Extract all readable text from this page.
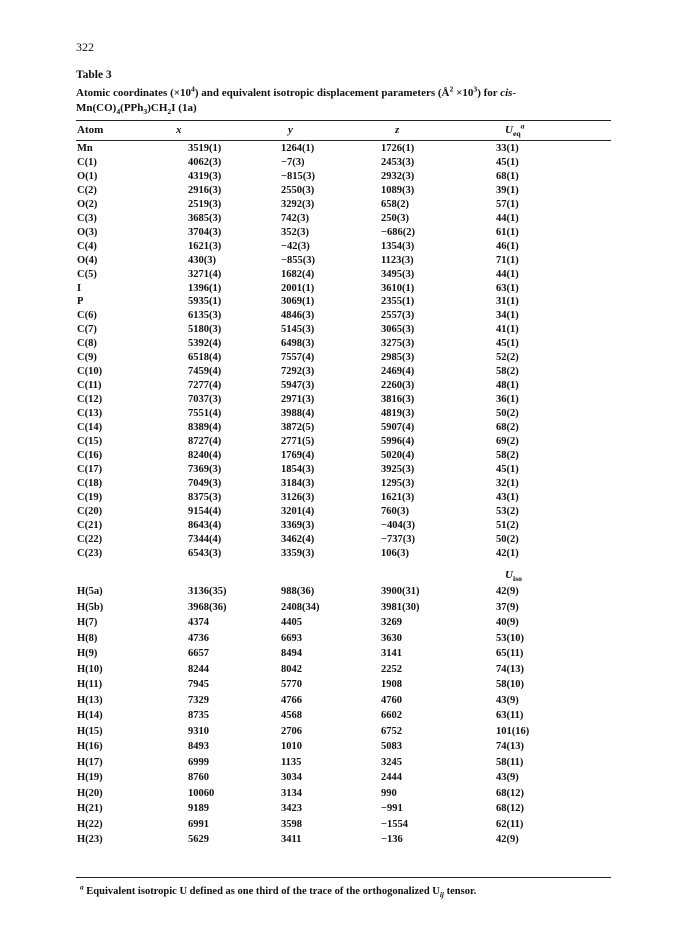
322
Table 3
Atomic coordinates $(\times 10^4)$ and equivalent isotropic displacement parameters $(Å^2 \times 10^3)$ for cis-
$Mn(CO)_4(PPh_3)CH_2I$ (1a)
Atom	x	y	z	$U_{eq}^a$
Mn	3519(1)	1264(1)	1726(1)	33(1)
C(1)	4062(3)	−7(3)	2453(3)	45(1)
O(1)	4319(3)	−815(3)	2932(3)	68(1)
C(2)	2916(3)	2550(3)	1089(3)	39(1)
O(2)	2519(3)	3292(3)	658(2)	57(1)
C(3)	3685(3)	742(3)	250(3)	44(1)
O(3)	3704(3)	352(3)	−686(2)	61(1)
C(4)	1621(3)	−42(3)	1354(3)	46(1)
O(4)	430(3)	−855(3)	1123(3)	71(1)
C(5)	3271(4)	1682(4)	3495(3)	44(1)
I	1396(1)	2001(1)	3610(1)	63(1)
P	5935(1)	3069(1)	2355(1)	31(1)
C(6)	6135(3)	4846(3)	2557(3)	34(1)
C(7)	5180(3)	5145(3)	3065(3)	41(1)
C(8)	5392(4)	6498(3)	3275(3)	45(1)
C(9)	6518(4)	7557(4)	2985(3)	52(2)
C(10)	7459(4)	7292(3)	2469(4)	58(2)
C(11)	7277(4)	5947(3)	2260(3)	48(1)
C(12)	7037(3)	2971(3)	3816(3)	36(1)
C(13)	7551(4)	3988(4)	4819(3)	50(2)
C(14)	8389(4)	3872(5)	5907(4)	68(2)
C(15)	8727(4)	2771(5)	5996(4)	69(2)
C(16)	8240(4)	1769(4)	5020(4)	58(2)
C(17)	7369(3)	1854(3)	3925(3)	45(1)
C(18)	7049(3)	3184(3)	1295(3)	32(1)
C(19)	8375(3)	3126(3)	1621(3)	43(1)
C(20)	9154(4)	3201(4)	760(3)	53(2)
C(21)	8643(4)	3369(3)	−404(3)	51(2)
C(22)	7344(4)	3462(4)	−737(3)	50(2)
C(23)	6543(3)	3359(3)	106(3)	42(1)
$U_{iso}$
H(5a)	3136(35)	988(36)	3900(31)	42(9)
H(5b)	3968(36)	2408(34)	3981(30)	37(9)
H(7)	4374	4405	3269	40(9)
H(8)	4736	6693	3630	53(10)
H(9)	6657	8494	3141	65(11)
H(10)	8244	8042	2252	74(13)
H(11)	7945	5770	1908	58(10)
H(13)	7329	4766	4760	43(9)
H(14)	8735	4568	6602	63(11)
H(15)	9310	2706	6752	101(16)
H(16)	8493	1010	5083	74(13)
H(17)	6999	1135	3245	58(11)
H(19)	8760	3034	2444	43(9)
H(20)	10060	3134	990	68(12)
H(21)	9189	3423	−991	68(12)
H(22)	6991	3598	−1554	62(11)
H(23)	5629	3411	−136	42(9)
$^a$ Equivalent isotropic U defined as one third of the trace of the orthogonalized $U_{ij}$ tensor.
